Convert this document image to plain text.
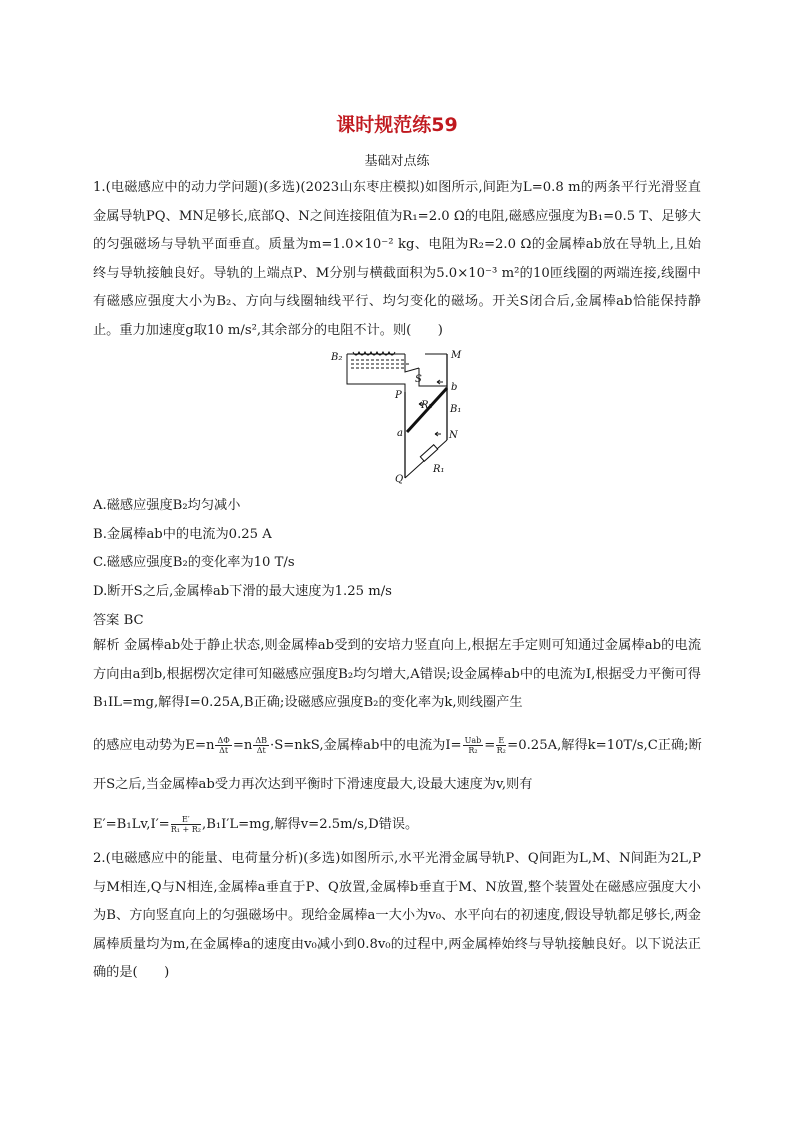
课时规范练59
基础对点练
1.(电磁感应中的动力学问题)(多选)(2023山东枣庄模拟)如图所示,间距为L=0.8 m的两条平行光滑竖直金属导轨PQ、MN足够长,底部Q、N之间连接阻值为R₁=2.0 Ω的电阻,磁感应强度为B₁=0.5 T、足够大的匀强磁场与导轨平面垂直。质量为m=1.0×10⁻² kg、电阻为R₂=2.0 Ω的金属棒ab放在导轨上,且始终与导轨接触良好。导轨的上端点P、M分别与横截面积为5.0×10⁻³ m²的10匝线圈的两端连接,线圈中有磁感应强度大小为B₂、方向与线圈轴线平行、均匀变化的磁场。开关S闭合后,金属棒ab恰能保持静止。重力加速度g取10 m/s²,其余部分的电阻不计。则(　　)
B₂
S
M
b
P
R₂ B₁
a	N
R₁
Q
A.磁感应强度B₂均匀减小
B.金属棒ab中的电流为0.25 A
C.磁感应强度B₂的变化率为10 T/s
D.断开S之后,金属棒ab下滑的最大速度为1.25 m/s
答案 BC
解析 金属棒ab处于静止状态,则金属棒ab受到的安培力竖直向上,根据左手定则可知通过金属棒ab的电流方向由a到b,根据楞次定律可知磁感应强度B₂均匀增大,A错误;设金属棒ab中的电流为I,根据受力平衡可得B₁IL=mg,解得I=0.25A,B正确;设磁感应强度B₂的变化率为k,则线圈产生
的感应电动势为$E=n \frac{\Delta\Phi}{\Delta t} =n \frac{\Delta B}{\Delta t} \cdot S=nkS$,金属棒ab中的电流为$I= \frac{\text{Uab}}{\text{R₂}} = \frac{E}{\text{R₂}} =0.25A$,解得k=10T/s,C正确;断
开S之后,当金属棒ab受力再次达到平衡时下滑速度最大,设最大速度为v,则有
$E'=B_1Lv,I'= \frac{E'}{\text{R₁ + R₂}} ,B_1I'L=mg$,解得v=2.5m/s,D错误。
2.(电磁感应中的能量、电荷量分析)(多选)如图所示,水平光滑金属导轨P、Q间距为L,M、N间距为2L,P与M相连,Q与N相连,金属棒a垂直于P、Q放置,金属棒b垂直于M、N放置,整个装置处在磁感应强度大小为B、方向竖直向上的匀强磁场中。现给金属棒a一大小为v₀、水平向右的初速度,假设导轨都足够长,两金属棒质量均为m,在金属棒a的速度由v₀减小到0.8v₀的过程中,两金属棒始终与导轨接触良好。以下说法正确的是(　　)
